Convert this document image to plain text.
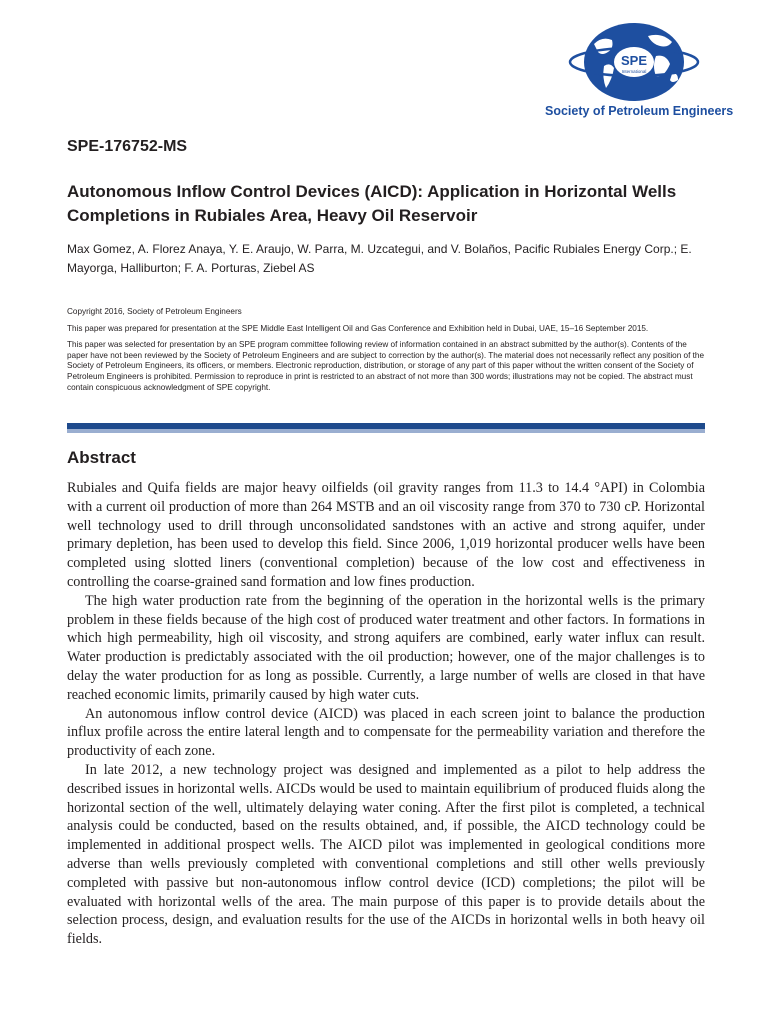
SPE
International
Society of Petroleum Engineers
SPE-176752-MS
Autonomous Inflow Control Devices (AICD): Application in Horizontal Wells Completions in Rubiales Area, Heavy Oil Reservoir
Max Gomez, A. Florez Anaya, Y. E. Araujo, W. Parra, M. Uzcategui, and V. Bolaños, Pacific Rubiales Energy Corp.; E. Mayorga, Halliburton; F. A. Porturas, Ziebel AS

Copyright 2016, Society of Petroleum Engineers

This paper was prepared for presentation at the SPE Middle East Intelligent Oil and Gas Conference and Exhibition held in Dubai, UAE, 15–16 September 2015.

This paper was selected for presentation by an SPE program committee following review of information contained in an abstract submitted by the author(s). Contents of the paper have not been reviewed by the Society of Petroleum Engineers and are subject to correction by the author(s). The material does not necessarily reflect any position of the Society of Petroleum Engineers, its officers, or members. Electronic reproduction, distribution, or storage of any part of this paper without the written consent of the Society of Petroleum Engineers is prohibited. Permission to reproduce in print is restricted to an abstract of not more than 300 words; illustrations may not be copied. The abstract must contain conspicuous acknowledgment of SPE copyright.

Abstract

Rubiales and Quifa fields are major heavy oilfields (oil gravity ranges from 11.3 to 14.4 °API) in Colombia with a current oil production of more than 264 MSTB and an oil viscosity range from 370 to 730 cP. Horizontal well technology used to drill through unconsolidated sandstones with an active and strong aquifer, under primary depletion, has been used to develop this field. Since 2006, 1,019 horizontal producer wells have been completed using slotted liners (conventional completion) because of the low cost and effectiveness in controlling the coarse-grained sand formation and low fines production.

The high water production rate from the beginning of the operation in the horizontal wells is the primary problem in these fields because of the high cost of produced water treatment and other factors. In formations in which high permeability, high oil viscosity, and strong aquifers are combined, early water influx can result. Water production is predictably associated with the oil production; however, one of the major challenges is to delay the water production for as long as possible. Currently, a large number of wells are closed in that have reached economic limits, primarily caused by high water cuts.

An autonomous inflow control device (AICD) was placed in each screen joint to balance the production influx profile across the entire lateral length and to compensate for the permeability variation and therefore the productivity of each zone.

In late 2012, a new technology project was designed and implemented as a pilot to help address the described issues in horizontal wells. AICDs would be used to maintain equilibrium of produced fluids along the horizontal section of the well, ultimately delaying water coning. After the first pilot is completed, a technical analysis could be conducted, based on the results obtained, and, if possible, the AICD technology could be implemented in additional prospect wells. The AICD pilot was implemented in geological conditions more adverse than wells previously completed with conventional completions and still other wells previously completed with passive but non-autonomous inflow control device (ICD) completions; the pilot will be evaluated with horizontal wells of the area. The main purpose of this paper is to provide details about the selection process, design, and evaluation results for the use of the AICDs in horizontal wells in both heavy oil fields.
